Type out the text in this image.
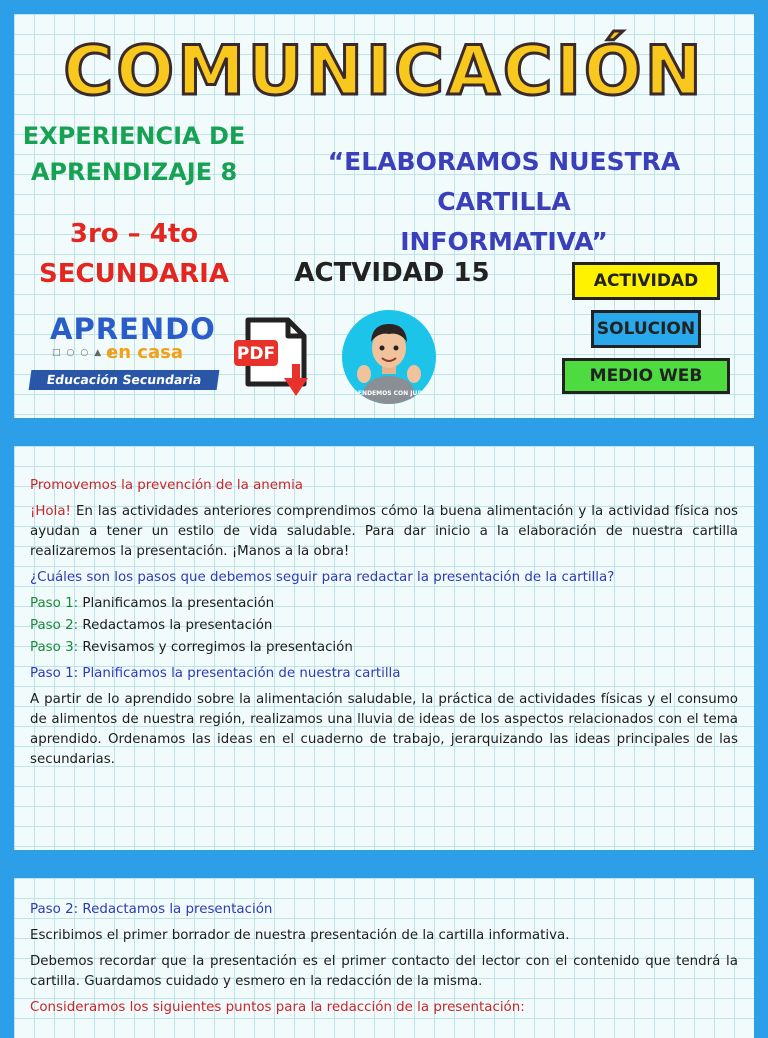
COMUNICACIÓN
EXPERIENCIA DE
APRENDIZAJE 8
3ro – 4to
SECUNDARIA
“ELABORAMOS NUESTRA CARTILLA
INFORMATIVA”
ACTVIDAD 15	ACTIVIDAD
SOLUCION
MEDIO WEB
APRENDO
□○○▲4
en casa
Educación Secundaria
PDF
APRENDEMOS CON JUDITH

Promovemos la prevención de la anemia

¡Hola! En las actividades anteriores comprendimos cómo la buena alimentación y la actividad física nos ayudan a tener un estilo de vida saludable. Para dar inicio a la elaboración de nuestra cartilla realizaremos la presentación. ¡Manos a la obra!

¿Cuáles son los pasos que debemos seguir para redactar la presentación de la cartilla?

Paso 1: Planificamos la presentación

Paso 2: Redactamos la presentación

Paso 3: Revisamos y corregimos la presentación

Paso 1: Planificamos la presentación de nuestra cartilla

A partir de lo aprendido sobre la alimentación saludable, la práctica de actividades físicas y el consumo de alimentos de nuestra región, realizamos una lluvia de ideas de los aspectos relacionados con el tema aprendido. Ordenamos las ideas en el cuaderno de trabajo, jerarquizando las ideas principales de las secundarias.

Paso 2: Redactamos la presentación

Escribimos el primer borrador de nuestra presentación de la cartilla informativa.

Debemos recordar que la presentación es el primer contacto del lector con el contenido que tendrá la cartilla. Guardamos cuidado y esmero en la redacción de la misma.

Consideramos los siguientes puntos para la redacción de la presentación:
